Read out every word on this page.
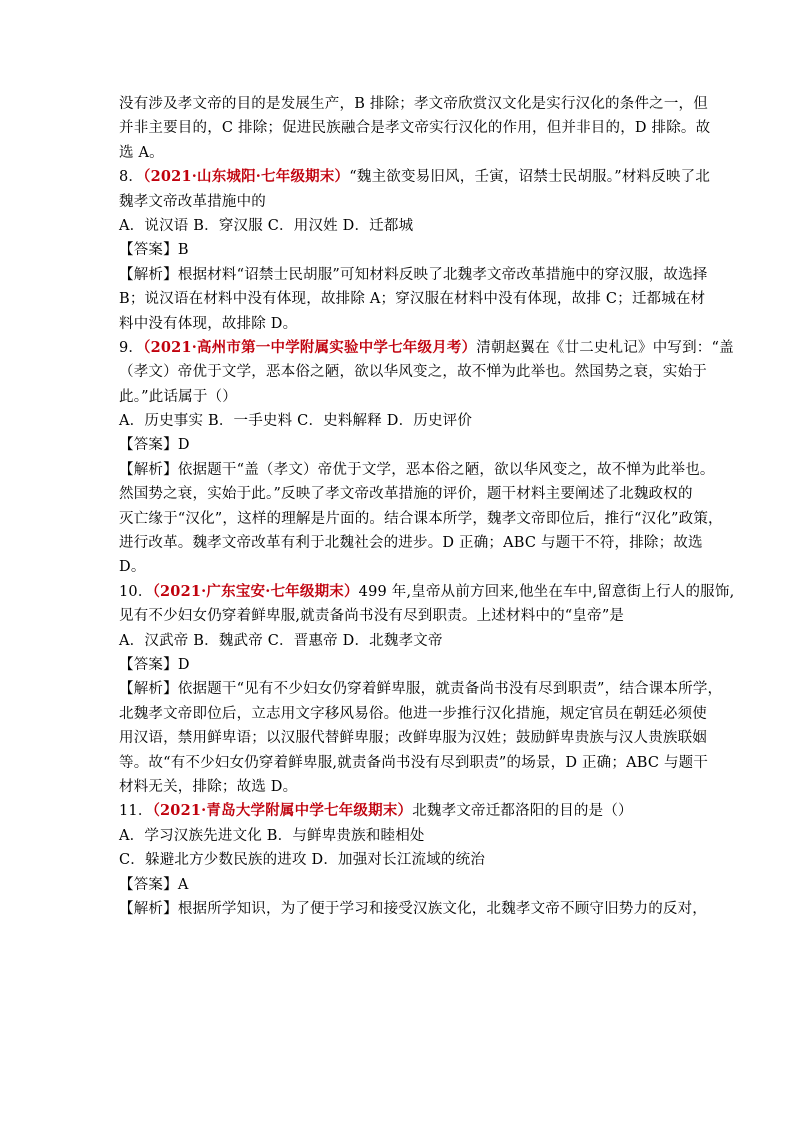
没有涉及孝文帝的目的是发展生产，B 排除；孝文帝欣赏汉文化是实行汉化的条件之一，但
并非主要目的，C 排除；促进民族融合是孝文帝实行汉化的作用，但并非目的，D 排除。故
选 A。
8．（2021·山东城阳·七年级期末）“魏主欲变易旧风，壬寅，诏禁士民胡服。”材料反映了北
魏孝文帝改革措施中的
A．说汉语 B．穿汉服 C．用汉姓 D．迁都城
【答案】B
【解析】根据材料“诏禁士民胡服”可知材料反映了北魏孝文帝改革措施中的穿汉服，故选择
B；说汉语在材料中没有体现，故排除 A；穿汉服在材料中没有体现，故排 C；迁都城在材
料中没有体现，故排除 D。
9．（2021·高州市第一中学附属实验中学七年级月考）清朝赵翼在《廿二史札记》中写到：“盖
（孝文）帝优于文学，恶本俗之陋，欲以华风变之，故不惮为此举也。然国势之衰，实始于
此。”此话属于（）
A．历史事实 B．一手史料 C．史料解释 D．历史评价
【答案】D
【解析】依据题干“盖（孝文）帝优于文学，恶本俗之陋，欲以华风变之，故不惮为此举也。
然国势之衰，实始于此。”反映了孝文帝改革措施的评价，题干材料主要阐述了北魏政权的
灭亡缘于“汉化”，这样的理解是片面的。结合课本所学，魏孝文帝即位后，推行“汉化”政策，
进行改革。魏孝文帝改革有利于北魏社会的进步。D 正确；ABC 与题干不符，排除；故选
D。
10．（2021·广东宝安·七年级期末）499 年,皇帝从前方回来,他坐在车中,留意街上行人的服饰,
见有不少妇女仍穿着鲜卑服,就责备尚书没有尽到职责。上述材料中的“皇帝”是
A．汉武帝 B．魏武帝 C．晋惠帝 D．北魏孝文帝
【答案】D
【解析】依据题干“见有不少妇女仍穿着鲜卑服，就责备尚书没有尽到职责”，结合课本所学，
北魏孝文帝即位后，立志用文字移风易俗。他进一步推行汉化措施，规定官员在朝廷必须使
用汉语，禁用鲜卑语；以汉服代替鲜卑服；改鲜卑服为汉姓；鼓励鲜卑贵族与汉人贵族联姻
等。故“有不少妇女仍穿着鲜卑服,就责备尚书没有尽到职责”的场景，D 正确；ABC 与题干
材料无关，排除；故选 D。
11．（2021·青岛大学附属中学七年级期末）北魏孝文帝迁都洛阳的目的是（）
A．学习汉族先进文化 B．与鲜卑贵族和睦相处
C．躲避北方少数民族的进攻 D．加强对长江流域的统治
【答案】A
【解析】根据所学知识，为了便于学习和接受汉族文化，北魏孝文帝不顾守旧势力的反对，
